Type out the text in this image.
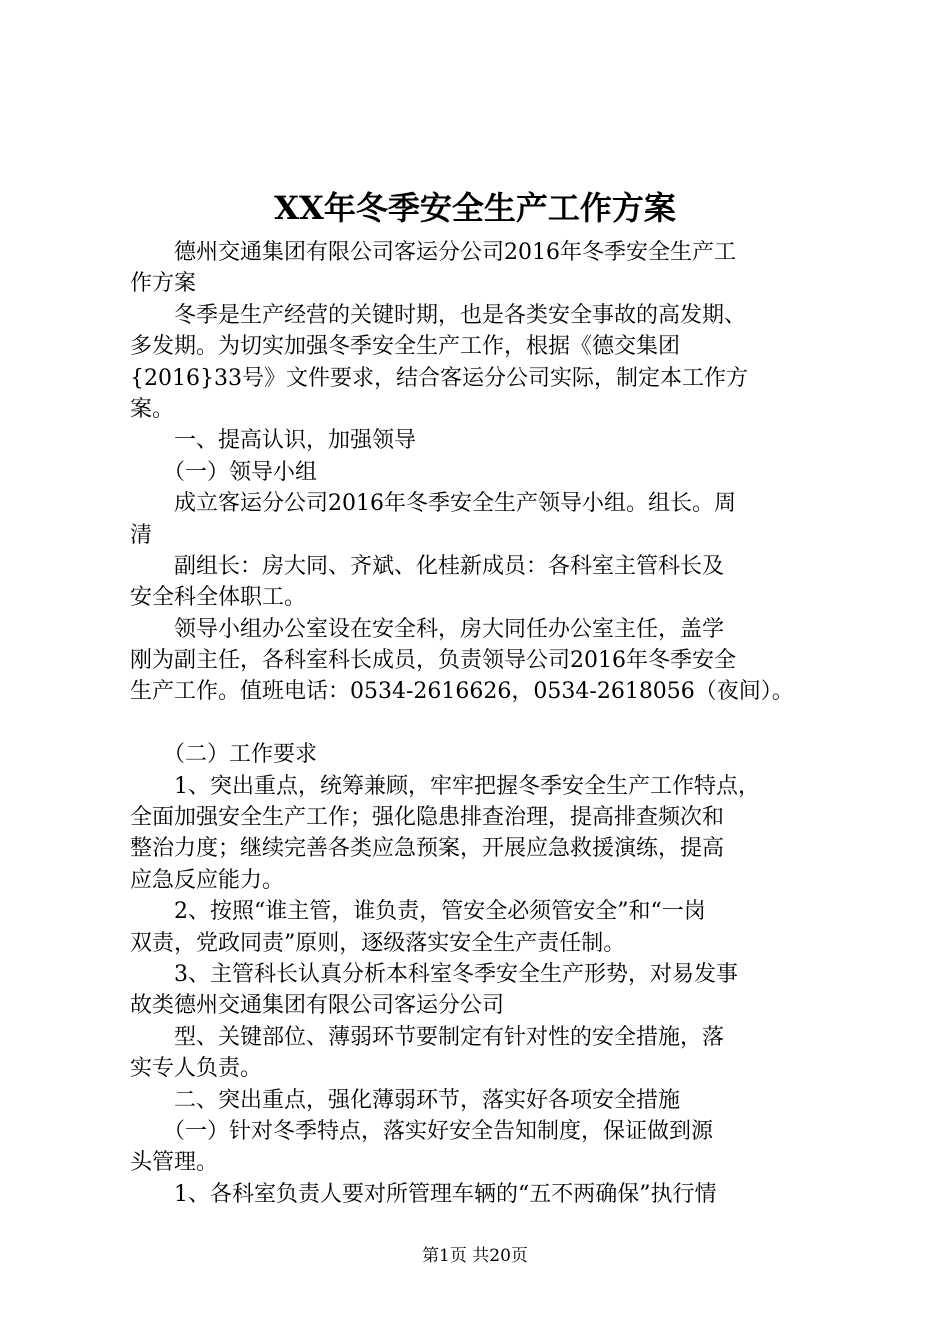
XX年冬季安全生产工作方案
　　德州交通集团有限公司客运分公司2016年冬季安全生产工
作方案
　　冬季是生产经营的关键时期，也是各类安全事故的高发期、
多发期。为切实加强冬季安全生产工作，根据《德交集团
{2016}33号》文件要求，结合客运分公司实际，制定本工作方
案。
　　一、提高认识，加强领导
　　（一）领导小组
　　成立客运分公司2016年冬季安全生产领导小组。组长。周
清
　　副组长：房大同、齐斌、化桂新成员：各科室主管科长及
安全科全体职工。
　　领导小组办公室设在安全科，房大同任办公室主任，盖学
刚为副主任，各科室科长成员，负责领导公司2016年冬季安全
生产工作。值班电话：0534-2616626，0534-2618056（夜间）。
　　（二）工作要求
　　1、突出重点，统筹兼顾，牢牢把握冬季安全生产工作特点，
全面加强安全生产工作；强化隐患排查治理，提高排查频次和
整治力度；继续完善各类应急预案，开展应急救援演练，提高
应急反应能力。
　　2、按照“谁主管，谁负责，管安全必须管安全”和“一岗
双责，党政同责”原则，逐级落实安全生产责任制。
　　3、主管科长认真分析本科室冬季安全生产形势，对易发事
故类德州交通集团有限公司客运分公司
　　型、关键部位、薄弱环节要制定有针对性的安全措施，落
实专人负责。
　　二、突出重点，强化薄弱环节，落实好各项安全措施
　　（一）针对冬季特点，落实好安全告知制度，保证做到源
头管理。
　　1、各科室负责人要对所管理车辆的“五不两确保”执行情
第1页 共20页
